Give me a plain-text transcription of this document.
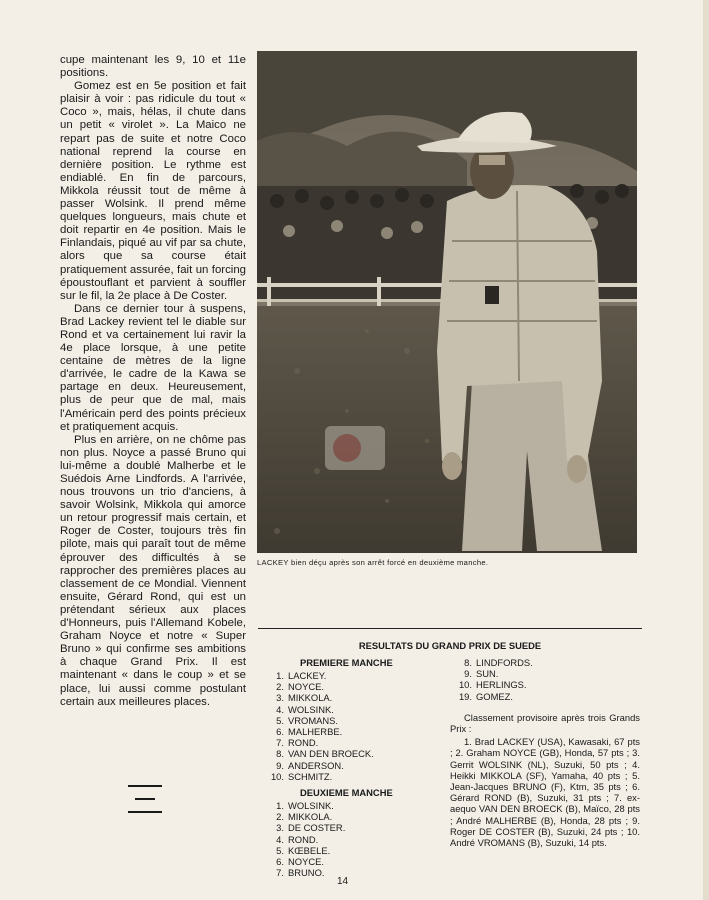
cupe maintenant les 9, 10 et 11e positions.

Gomez est en 5e position et fait plaisir à voir : pas ridicule du tout « Coco », mais, hélas, il chute dans un petit « virolet ». La Maico ne repart pas de suite et notre Coco national reprend la course en dernière position. Le rythme est endiablé. En fin de parcours, Mikkola réussit tout de même à passer Wolsink. Il prend même quelques longueurs, mais chute et doit repartir en 4e position. Mais le Finlandais, piqué au vif par sa chute, alors que sa course était pratiquement assurée, fait un forcing époustouflant et parvient à souffler sur le fil, la 2e place à De Coster.

Dans ce dernier tour à suspens, Brad Lackey revient tel le diable sur Rond et va certainement lui ravir la 4e place lorsque, à une petite centaine de mètres de la ligne d'arrivée, le cadre de la Kawa se partage en deux. Heureusement, plus de peur que de mal, mais l'Américain perd des points précieux et pratiquement acquis.

Plus en arrière, on ne chôme pas non plus. Noyce a passé Bruno qui lui-même a doublé Malherbe et le Suédois Arne Lindfords. A l'arrivée, nous trouvons un trio d'anciens, à savoir Wolsink, Mikkola qui amorce un retour progressif mais certain, et Roger de Coster, toujours très fin pilote, mais qui paraît tout de même éprouver des difficultés à se rapprocher des premières places au classement de ce Mondial. Viennent ensuite, Gérard Rond, qui est un prétendant sérieux aux places d'Honneurs, puis l'Allemand Kobele, Graham Noyce et notre « Super Bruno » qui confirme ses ambitions à chaque Grand Prix. Il est maintenant « dans le coup » et se place, lui aussi comme postulant certain aux meilleures places.

LACKEY bien déçu après son arrêt forcé en deuxième manche.

RESULTATS DU GRAND PRIX DE SUEDE

PREMIERE MANCHE

1. LACKEY.
2. NOYCE.
3. MIKKOLA.
4. WOLSINK.
5. VROMANS.
6. MALHERBE.
7. ROND.
8. VAN DEN BROECK.
9. ANDERSON.
10. SCHMITZ.

DEUXIEME MANCHE

1. WOLSINK.
2. MIKKOLA.
3. DE COSTER.
4. ROND.
5. KŒBELE.
6. NOYCE.
7. BRUNO.
8. LINDFORDS.
9. SUN.
10. HERLINGS.
19. GOMEZ.

Classement provisoire après trois Grands Prix :
1. Brad LACKEY (USA), Kawasaki, 67 pts ; 2. Graham NOYCE (GB), Honda, 57 pts ; 3. Gerrit WOLSINK (NL), Suzuki, 50 pts ; 4. Heikki MIKKOLA (SF), Yamaha, 40 pts ; 5. Jean-Jacques BRUNO (F), Ktm, 35 pts ; 6. Gérard ROND (B), Suzuki, 31 pts ; 7. ex-aequo VAN DEN BROECK (B), Maïco, 28 pts ; André MALHERBE (B), Honda, 28 pts ; 9. Roger DE COSTER (B), Suzuki, 24 pts ; 10. André VROMANS (B), Suzuki, 14 pts.

14
